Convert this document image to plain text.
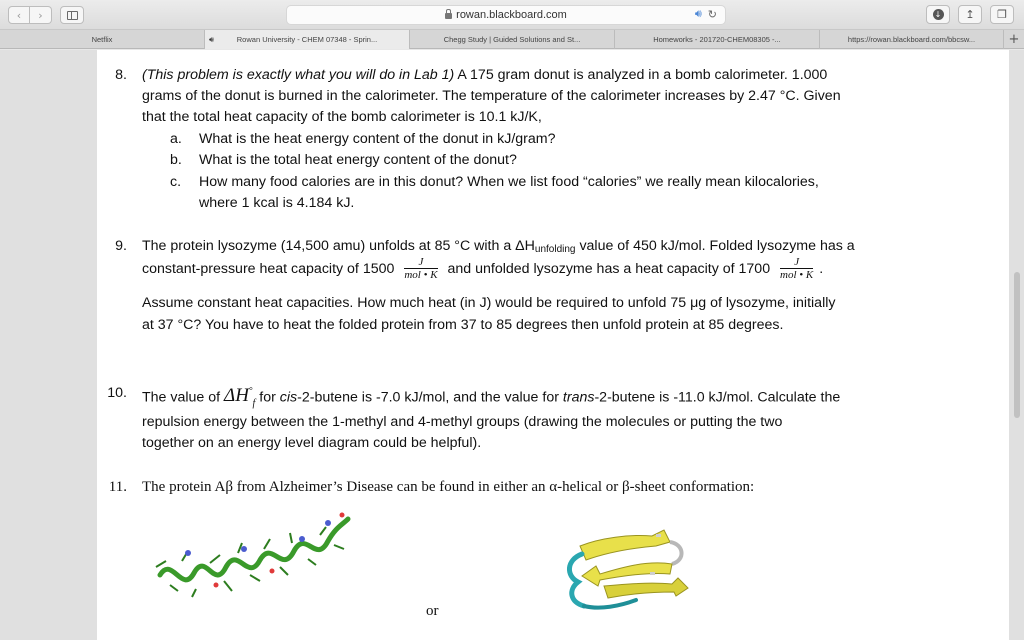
‹ ›	rowan.blackboard.com	🔊︎ ↻	↓ ↥ ❐
Netflix	🔊︎	Rowan University - CHEM 07348 - Sprin...	Chegg Study | Guided Solutions and St...	Homeworks - 201720-CHEM08305 -...	https://rowan.blackboard.com/bbcsw...	+
8. (This problem is exactly what you will do in Lab 1) A 175 gram donut is analyzed in a bomb calorimeter. 1.000
grams of the donut is burned in the calorimeter. The temperature of the calorimeter increases by 2.47 °C. Given
that the total heat capacity of the bomb calorimeter is 10.1 kJ/K,
a. What is the heat energy content of the donut in kJ/gram?
b. What is the total heat energy content of the donut?
c. How many food calories are in this donut? When we list food “calories” we really mean kilocalories,
where 1 kcal is 4.184 kJ.
9. The protein lysozyme (14,500 amu) unfolds at 85 °C with a ΔHunfolding value of 450 kJ/mol. Folded lysozyme has a
constant-pressure heat capacity of $1500 \frac{J}{\text{mol • K}}$ and unfolded lysozyme has a heat capacity of $1700 \frac{J}{\text{mol • K}}$ .
Assume constant heat capacities. How much heat (in J) would be required to unfold 75 μg of lysozyme, initially
at 37 °C? You have to heat the folded protein from 37 to 85 degrees then unfold protein at 85 degrees.
10. The value of $\Delta H^\circ_f$ for cis-2-butene is -7.0 kJ/mol, and the value for trans-2-butene is -11.0 kJ/mol. Calculate the
repulsion energy between the 1-methyl and 4-methyl groups (drawing the molecules or putting the two
together on an energy level diagram could be helpful).
11. The protein Aβ from Alzheimer’s Disease can be found in either an α-helical or β-sheet conformation:
or
